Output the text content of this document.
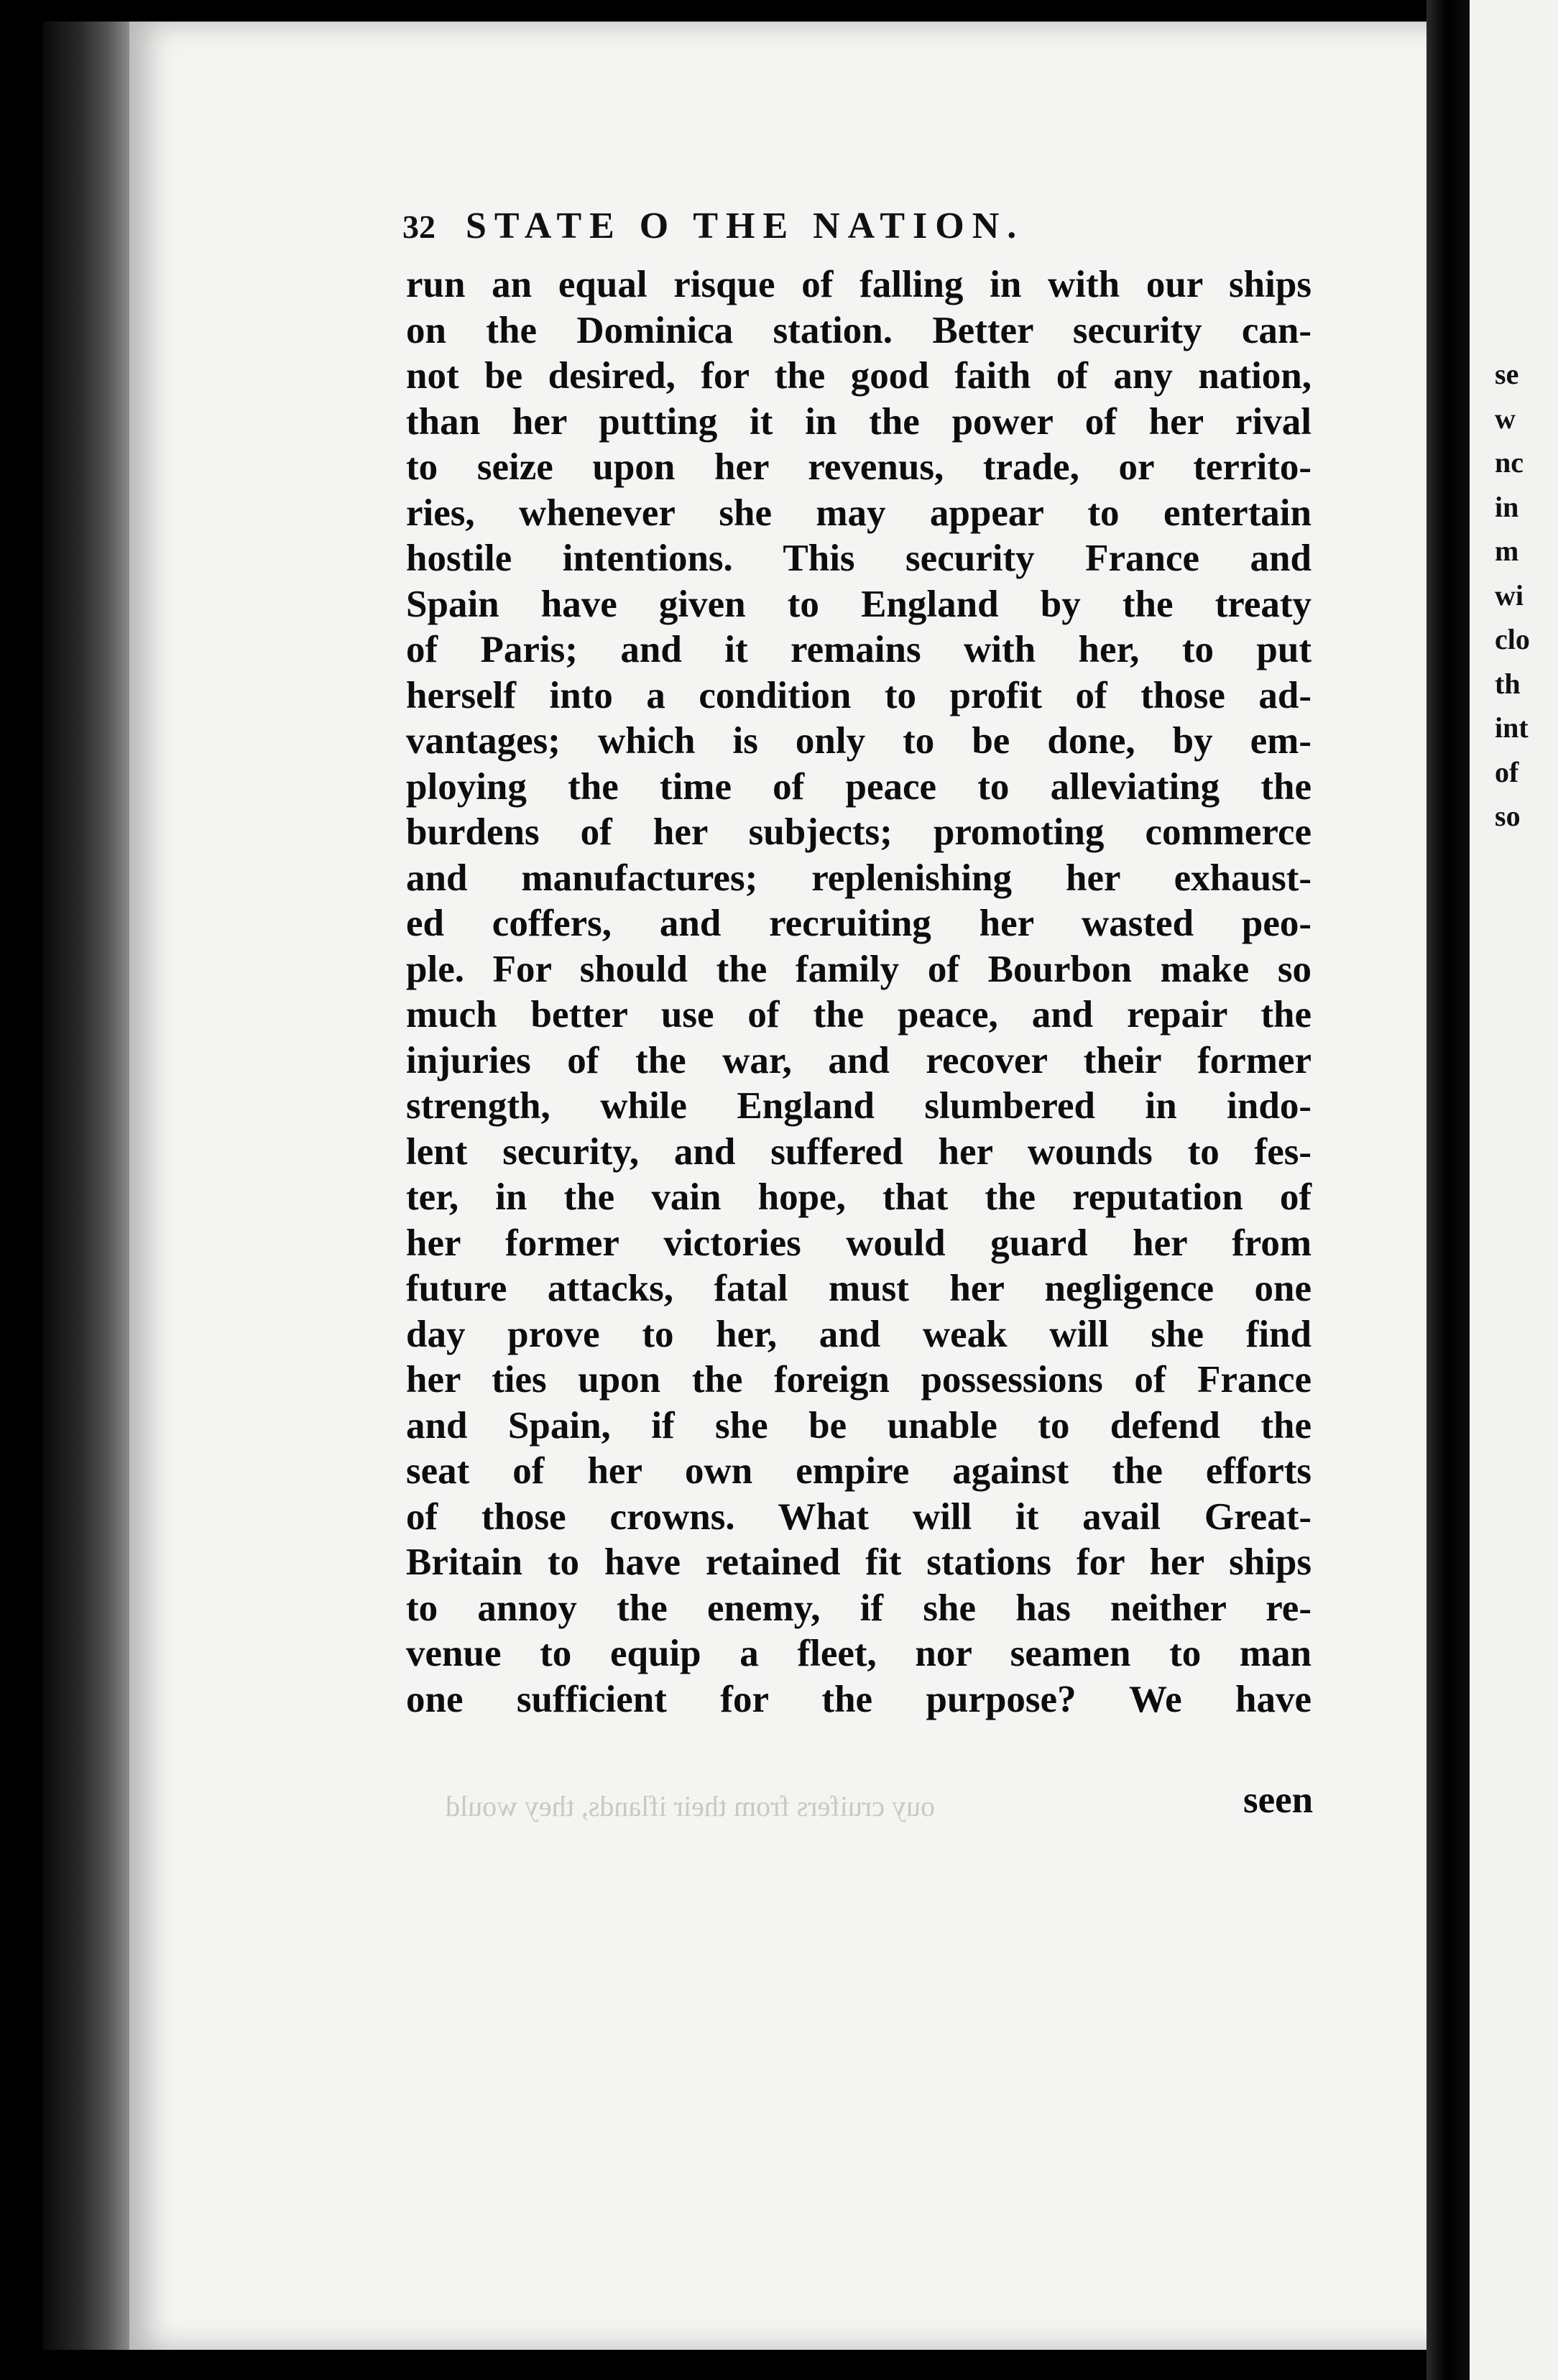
se
w
nc
in
m
wi
clo
th
int
of
so
32 STATE O THE NATION.
run an equal risque of falling in with our ships
on the Dominica station. Better security can-
not be desired, for the good faith of any nation,
than her putting it in the power of her rival
to seize upon her revenus, trade, or territo-
ries, whenever she may appear to entertain
hostile intentions. This security France and
Spain have given to England by the treaty
of Paris; and it remains with her, to put
herself into a condition to profit of those ad-
vantages; which is only to be done, by em-
ploying the time of peace to alleviating the
burdens of her subjects; promoting commerce
and manufactures; replenishing her exhaust-
ed coffers, and recruiting her wasted peo-
ple. For should the family of Bourbon make so
much better use of the peace, and repair the
injuries of the war, and recover their former
strength, while England slumbered in indo-
lent security, and suffered her wounds to fes-
ter, in the vain hope, that the reputation of
her former victories would guard her from
future attacks, fatal must her negligence one
day prove to her, and weak will she find
her ties upon the foreign possessions of France
and Spain, if she be unable to defend the
seat of her own empire against the efforts
of those crowns. What will it avail Great-
Britain to have retained fit stations for her ships
to annoy the enemy, if she has neither re-
venue to equip a fleet, nor seamen to man
one sufficient for the purpose? We have
seen
ouy cruifers from their iflands, they would
